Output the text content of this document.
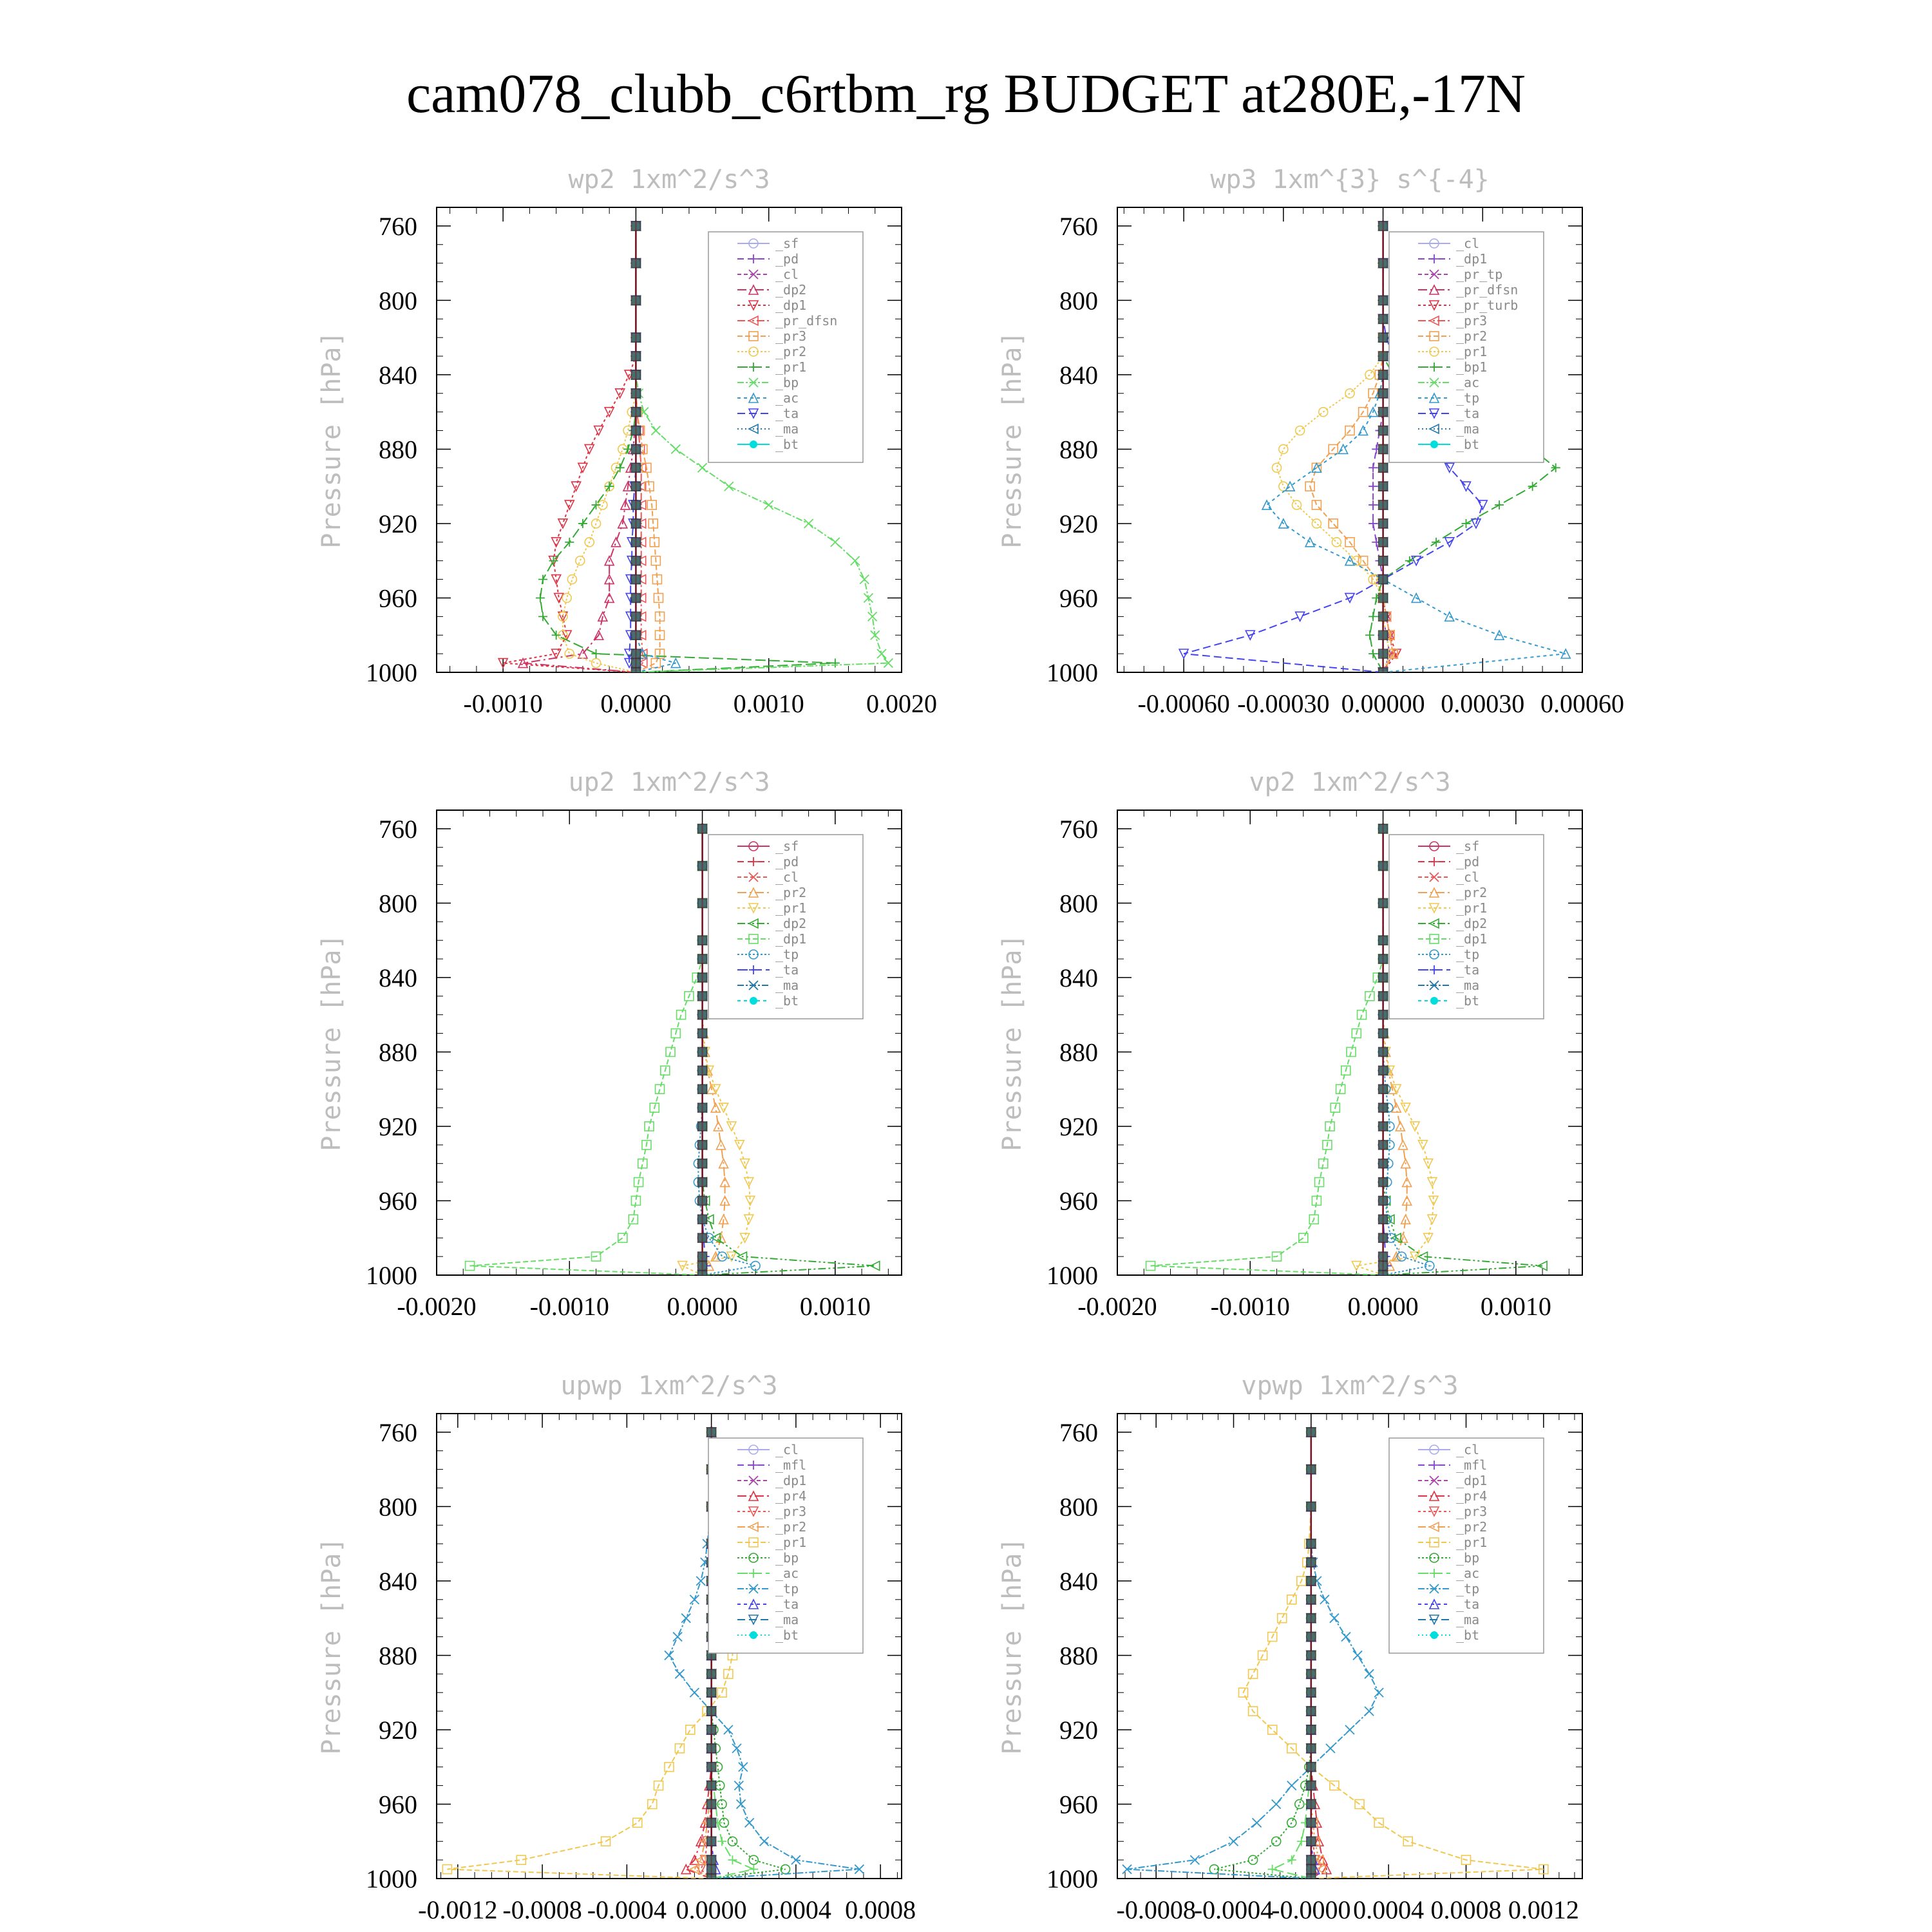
cam078_clubb_c6rtbm_rg BUDGET at280E,-17N
wp2 1xm^2/s^3
Pressure [hPa]
760
800
840
880
920
960
1000
-0.0010 0.0000 0.0010 0.0020
_sf
_pd
_cl
_dp2
_dp1
_pr_dfsn
_pr3
_pr2
_pr1
_bp
_ac
_ta
_ma
_bt
wp3 1xm^{3} s^{-4}
Pressure [hPa]
760
800
840
880
920
960
1000
-0.00060 -0.00030 0.00000 0.00030 0.00060
_cl
_dp1
_pr_tp
_pr_dfsn
_pr_turb
_pr3
_pr2
_pr1
_bp1
_ac
_tp
_ta
_ma
_bt
up2 1xm^2/s^3
Pressure [hPa]
760
800
840
880
920
960
1000
-0.0020 -0.0010 0.0000 0.0010
_sf
_pd
_cl
_pr2
_pr1
_dp2
_dp1
_tp
_ta
_ma
_bt
vp2 1xm^2/s^3
Pressure [hPa]
760
800
840
880
920
960
1000
-0.0020 -0.0010 0.0000 0.0010
_sf
_pd
_cl
_pr2
_pr1
_dp2
_dp1
_tp
_ta
_ma
_bt
upwp 1xm^2/s^3
Pressure [hPa]
760
800
840
880
920
960
1000
-0.0012 -0.0008 -0.0004 0.0000 0.0004 0.0008
_cl
_mfl
_dp1
_pr4
_pr3
_pr2
_pr1
_bp
_ac
_tp
_ta
_ma
_bt
vpwp 1xm^2/s^3
Pressure [hPa]
760
800
840
880
920
960
1000
-0.0008
-0.0004
-0.0000 0.0004 0.0008 0.0012
_cl
_mfl
_dp1
_pr4
_pr3
_pr2
_pr1
_bp
_ac
_tp
_ta
_ma
_bt
